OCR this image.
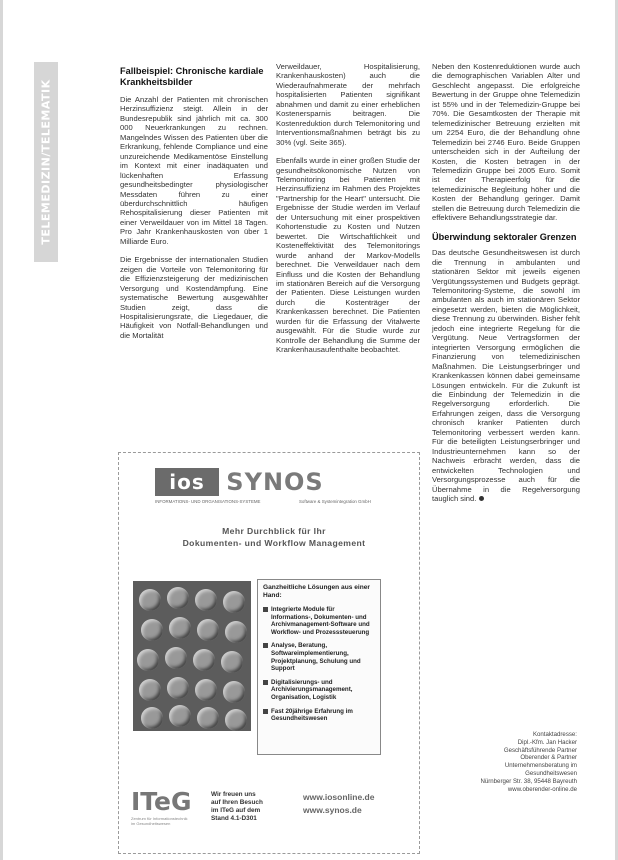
TELEMEDIZIN/TELEMATIK
Fallbeispiel: Chronische kardiale Krankheitsbilder

Die Anzahl der Patienten mit chronischen Herzinsuffizienz steigt. Allein in der Bundesrepublik sind jährlich mit ca. 300 000 Neuerkrankungen zu rechnen. Mangelndes Wissen des Patienten über die Erkrankung, fehlende Compliance und eine unzureichende Medikamentöse Einstellung im Kontext mit einer inadäquaten und lückenhaften Erfassung gesundheitsbedingter physiologischer Messdaten führen zu einer überdurchschnittlich häufigen Rehospitalisierung dieser Patienten mit einer Verweildauer von im Mittel 18 Tagen. Pro Jahr Krankenhauskosten von über 1 Milliarde Euro.

Die Ergebnisse der internationalen Studien zeigen die Vorteile von Telemonitoring für die Effizienzsteigerung der medizinischen Versorgung und Kostendämpfung. Eine systematische Bewertung ausgewählter Studien zeigt, dass die Hospitalisierungsrate, die Liegedauer, die Häufigkeit von Notfall-Behandlungen und die Mortalität

Verweildauer, Hospitalisierung, Krankenhauskosten) auch die Wiederaufnahmerate der mehrfach hospitalisierten Patienten signifikant abnahmen und damit zu einer erheblichen Kostenersparnis beitragen. Die Kostenreduktion durch Telemonitoring und Interventionsmaßnahmen beträgt bis zu 30% (vgl. Seite 365).

Ebenfalls wurde in einer großen Studie der gesundheitsökonomische Nutzen von Telemonitoring bei Patienten mit Herzinsuffizienz im Rahmen des Projektes "Partnership for the Heart" untersucht. Die Ergebnisse der Studie werden im Verlauf der Untersuchung mit einer prospektiven Kohortenstudie zu Kosten und Nutzen bewertet. Die Wirtschaftlichkeit und Kosteneffektivität des Telemonitorings wurde anhand der Markov-Modells berechnet. Die Verweildauer nach dem Einfluss und die Kosten der Behandlung im stationären Bereich auf die Versorgung der Patienten. Diese Leistungen wurden durch die Kostenträger der Krankenkassen berechnet. Die Patienten wurden für die Erfassung der Vitalwerte ausgewählt. Für die Studie wurde zur Kontrolle der Behandlung die Summe der Krankenhausaufenthalte beobachtet.

Neben den Kostenreduktionen wurde auch die demographischen Variablen Alter und Geschlecht angepasst. Die erfolgreiche Bewertung in der Gruppe ohne Telemedizin ist 55% und in der Telemedizin-Gruppe bei 70%. Die Gesamtkosten der Therapie mit telemedizinischer Betreuung erzielten mit um 2254 Euro, die der Behandlung ohne Telemedizin bei 2746 Euro. Beide Gruppen unterscheiden sich in der Aufteilung der Kosten, die Kosten betragen in der Telemedizin Gruppe bei 2005 Euro. Somit ist der Therapieerfolg für die telemedizinische Begleitung höher und die Kosten der Behandlung geringer. Damit stellen die Betreuung durch Telemedizin die effektivere Behandlungsstrategie dar.

Überwindung sektoraler Grenzen

Das deutsche Gesundheitswesen ist durch die Trennung in ambulanten und stationären Sektor mit jeweils eigenen Vergütungssystemen und Budgets geprägt. Telemonitoring-Systeme, die sowohl im ambulanten als auch im stationären Sektor eingesetzt werden, bieten die Möglichkeit, diese Trennung zu überwinden. Bisher fehlt jedoch eine integrierte Regelung für die Vergütung. Neue Vertragsformen der integrierten Versorgung ermöglichen die Finanzierung von telemedizinischen Maßnahmen. Die Leistungserbringer und Krankenkassen können dabei gemeinsame Lösungen entwickeln. Für die Zukunft ist die Einbindung der Telemedizin in die Regelversorgung erforderlich. Die Erfahrungen zeigen, dass die Versorgung chronisch kranker Patienten durch Telemonitoring verbessert werden kann. Für die beteiligten Leistungserbringer und Industrieunternehmen kann so der Nachweis erbracht werden, dass die entwickelten Technologien und Versorgungsprozesse auch für die Übernahme in die Regelversorgung tauglich sind.

Kontaktadresse:
Dipl.-Kfm. Jan Hacker
Geschäftsführende Partner
Oberender & Partner
Unternehmensberatung im Gesundheitswesen
Nürnberger Str. 38, 95448 Bayreuth
www.oberender-online.de
ios SYNOS
INFORMATIONS- UND ORGANISATIONS-SYSTEME	Software & Systemintegration GmbH
Mehr Durchblick für Ihr
Dokumenten- und Workflow Management
Ganzheitliche Lösungen aus einer Hand:
Integrierte Module für Informations-, Dokumenten- und Archivmanagement-Software und Workflow- und Prozesssteuerung
Analyse, Beratung, Softwareimplementierung, Projektplanung, Schulung und Support
Digitalisierungs- und Archivierungsmanagement, Organisation, Logistik
Fast 20jährige Erfahrung im Gesundheitswesen
ITeG
Zentrum für Informationstechnik im Gesundheitswesen
Wir freuen uns
auf Ihren Besuch
im ITeG auf dem
Stand 4.1-D301
www.iosonline.de
www.synos.de
